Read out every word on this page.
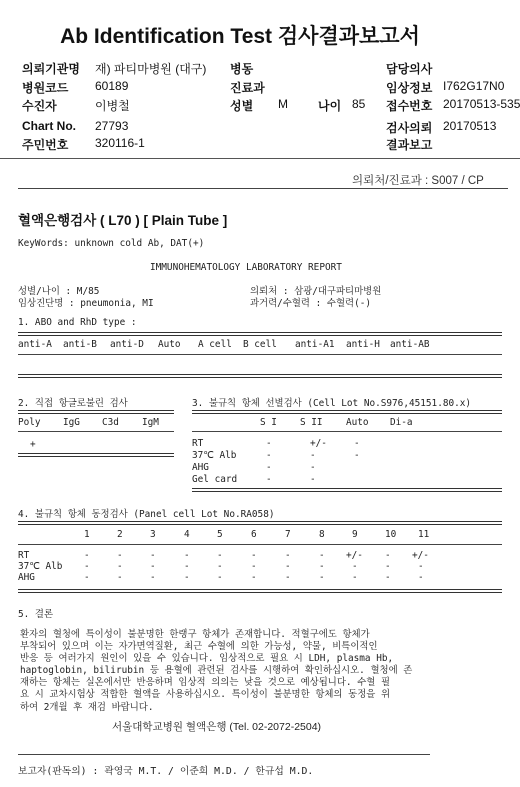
Ab Identification Test 검사결과보고서
의뢰기관명 재) 파티마병원 (대구) 병동	담당의사
병원코드 60189	진료과	임상정보 I762G17N0
수진자	이병철	성별 M	나이 85 접수번호 20170513-535
Chart No. 27793	검사의뢰 20170513
주민번호 320116-1	결과보고
의뢰처/진료과 : S007 / CP
혈액은행검사 ( L70 ) [ Plain Tube ]
KeyWords: unknown cold Ab, DAT(+)
IMMUNOHEMATOLOGY LABORATORY REPORT
성별/나이 : M/85
임상진단명 : pneumonia, MI
의뢰처 : 삼광/대구파티마병원
과거력/수혈력 : 수혈력(-)
1. ABO and RhD type :
anti-A anti-B anti-D Auto A cell B cell anti-A1 anti-H anti-AB
2. 직접 항글로불린 검사
Poly IgG C3d IgM
+
3. 불규칙 항체 선별검사 (Cell Lot No.S976,45151.80.x)
S I S II Auto Di-a
RT	-	+/-	-
37℃ Alb	-	-	-
AHG	-	-
Gel card	-	-
4. 불규칙 항체 동정검사 (Panel cell Lot No.RA058)
1	2	3	4	5	6	7	8	9	10 11
RT	-	-	-	-	-	-	-	- +/- - +/-
37℃ Alb -	-	-	-	-	-	-	-	-	-	-
AHG	-	-	-	-	-	-	-	-	-	-	-
5. 결론
환자의 혈청에 특이성이 불분명한 한랭구 항체가 존재합니다. 적혈구에도 항체가
부착되어 있으며 이는 자가면역질환, 최근 수혈에 의한 가능성, 약물, 비특이적인
반응 등 여러가지 원인이 있을 수 있습니다. 임상적으로 필요 시 LDH, plasma Hb,
haptoglobin, bilirubin 등 용혈에 관련된 검사를 시행하여 확인하십시오. 혈청에 존
재하는 항체는 실온에서만 반응하며 임상적 의의는 낮을 것으로 예상됩니다. 수혈 필
요 시 교차시험상 적합한 혈액을 사용하십시오. 특이성이 불분명한 항체의 동정을 위
하여 2개월 후 재검 바랍니다.
서울대학교병원 혈액은행 (Tel. 02-2072-2504)
보고자(판독의) : 곽영국 M.T. / 이준희 M.D. / 한규섭 M.D.
